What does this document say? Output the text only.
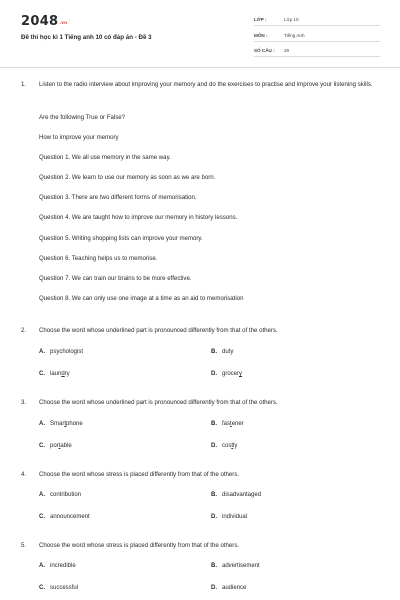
2048.vn
Đề thi học kì 1 Tiếng anh 10 có đáp án - Đề 3
LỚP :	Lớp 10
MÔN :	Tiếng Anh
SỐ CÂU : 29
1.	Listen to the radio interview about improving your memory and do the exercises to practise and improve your listening skills.
Are the following True or False?
How to improve your memory
Question 1. We all use memory in the same way.
Question 2. We learn to use our memory as soon as we are born.
Question 3. There are two different forms of memorisation.
Question 4. We are taught how to improve our memory in history lessons.
Question 5. Writing shopping lists can improve your memory.
Question 6. Teaching helps us to memorise.
Question 7. We can train our brains to be more effective.
Question 8. We can only use one image at a time as an aid to memorisation
2.	Choose the word whose underlined part is pronounced differently from that of the others.
A. psychologist	B. duty
C. laundry	D. grocery
3.	Choose the word whose underlined part is pronounced differently from that of the others.
A. Smartphone	B. fastener
C. portable	D. costly
4.	Choose the word whose stress is placed differently from that of the others.
A. contribution	B. disadvantaged
C. announcement	D. individual
5.	Choose the word whose stress is placed differently from that of the others.
A. incredible	B. advertisement
C. successful	D. audience
